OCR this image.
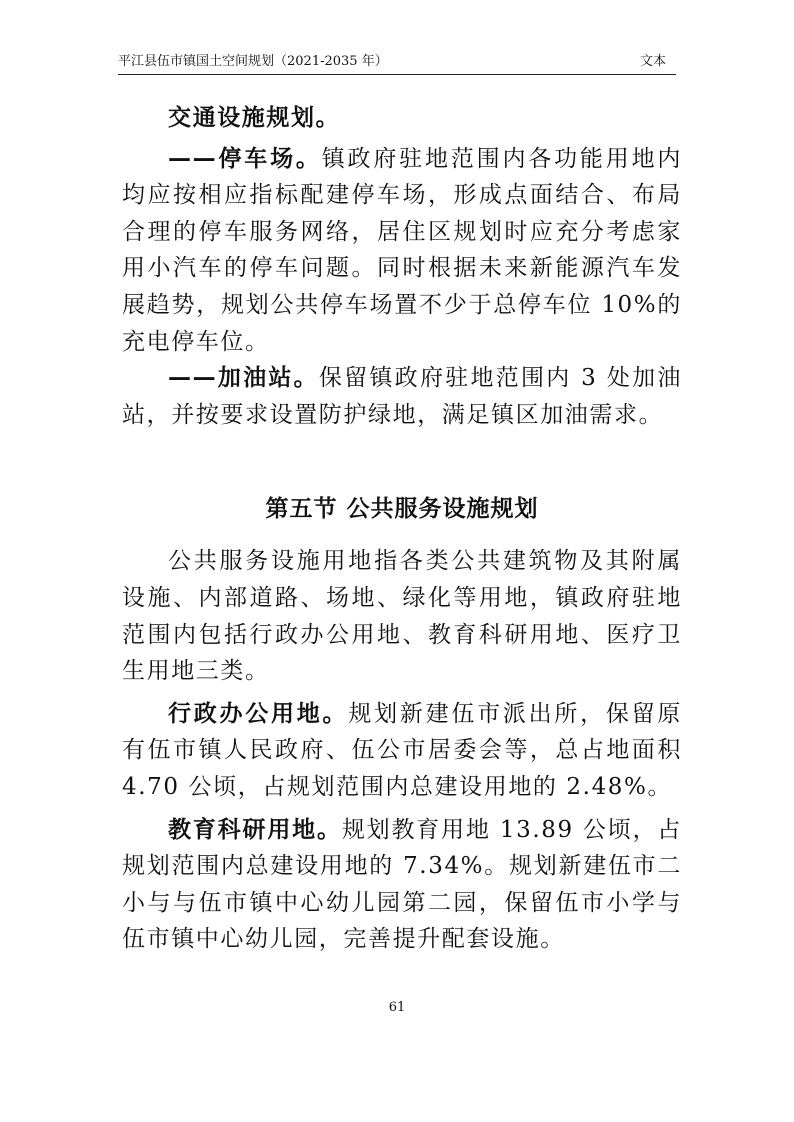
平江县伍市镇国土空间规划（2021-2035 年）	文本

交通设施规划。

——停车场。镇政府驻地范围内各功能用地内均应按相应指标配建停车场，形成点面结合、布局合理的停车服务网络，居住区规划时应充分考虑家用小汽车的停车问题。同时根据未来新能源汽车发展趋势，规划公共停车场置不少于总停车位 10%的充电停车位。

——加油站。保留镇政府驻地范围内 3 处加油站，并按要求设置防护绿地，满足镇区加油需求。

第五节 公共服务设施规划

公共服务设施用地指各类公共建筑物及其附属设施、内部道路、场地、绿化等用地，镇政府驻地范围内包括行政办公用地、教育科研用地、医疗卫生用地三类。

行政办公用地。规划新建伍市派出所，保留原有伍市镇人民政府、伍公市居委会等，总占地面积 4.70 公顷，占规划范围内总建设用地的 2.48%。

教育科研用地。规划教育用地 13.89 公顷，占规划范围内总建设用地的 7.34%。规划新建伍市二小与与伍市镇中心幼儿园第二园，保留伍市小学与伍市镇中心幼儿园，完善提升配套设施。

61
